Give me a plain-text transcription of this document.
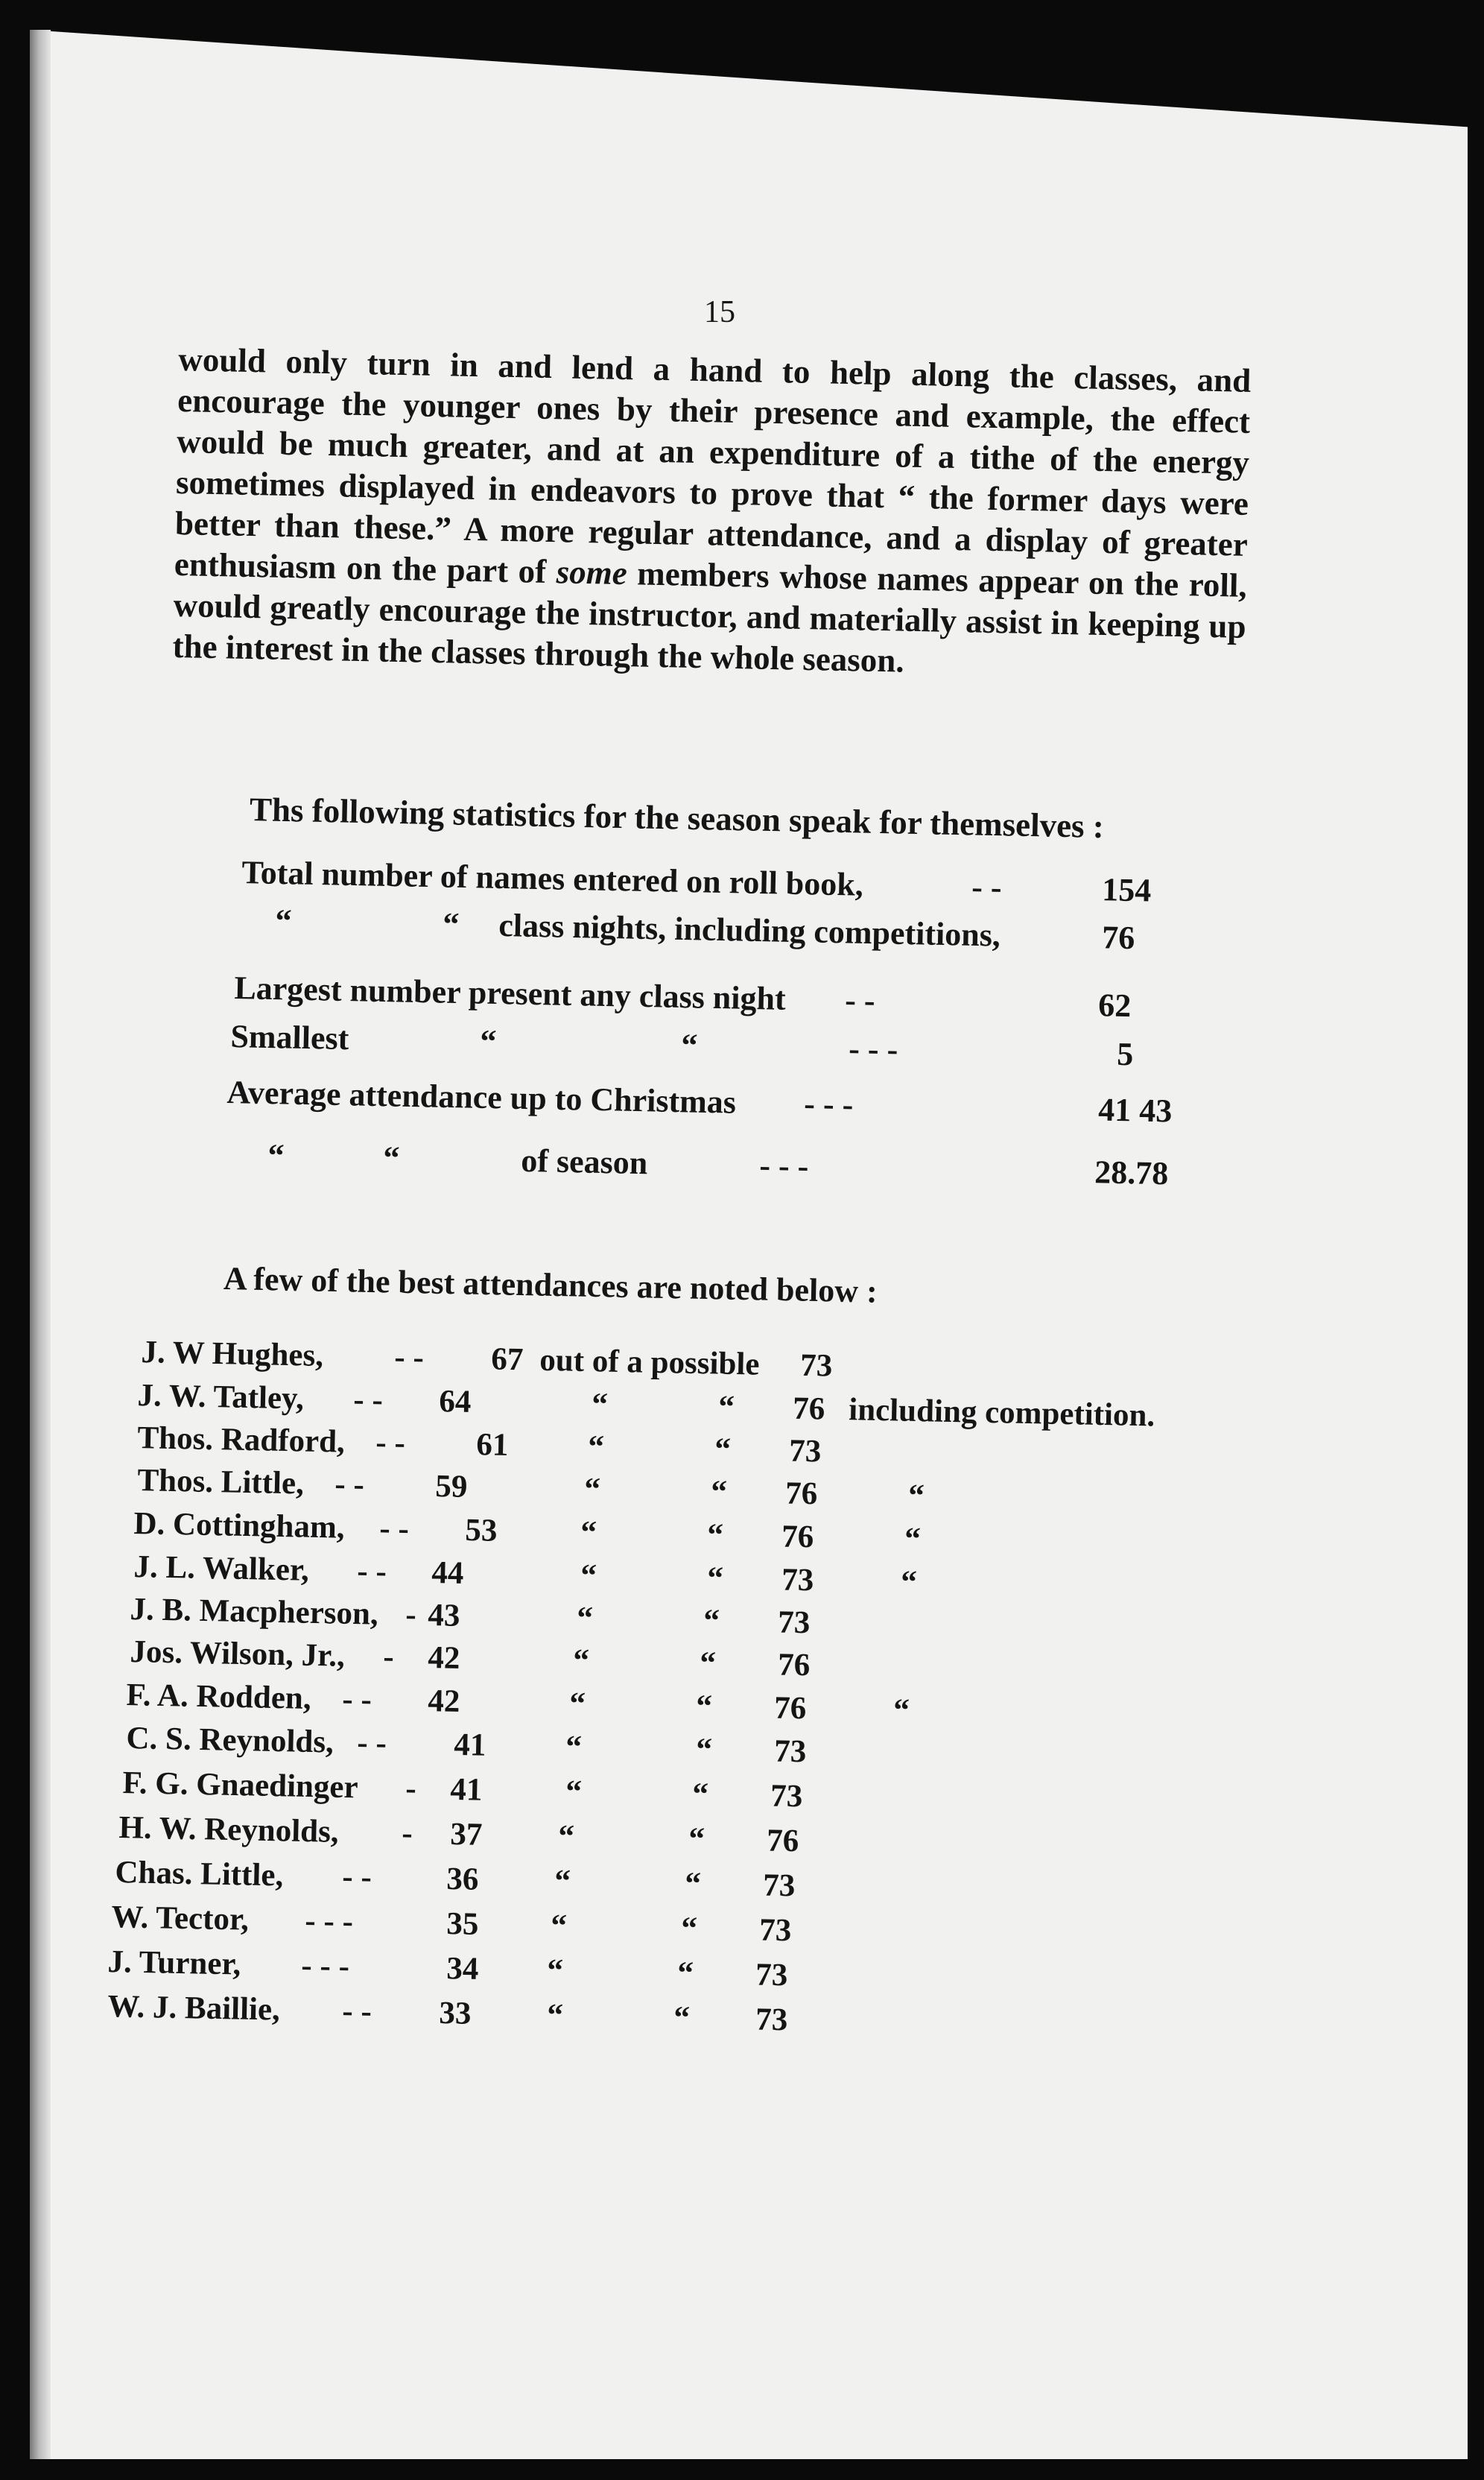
15
would only turn in and lend a hand to help along the classes, and encourage the younger ones by their presence and example, the effect would be much greater, and at an expenditure of a tithe of the energy sometimes displayed in endeavors to prove that “ the former days were better than these.” A more regular attendance, and a display of greater enthusiasm on the part of some members whose names appear on the roll, would greatly encourage the instructor, and materially assist in keeping up the interest in the classes through the whole season.
Ths following statistics for the season speak for themselves :
Total number of names entered on roll book,	- -	154
“	“ class nights, including competitions,	76
Largest number present any class night - -	62
Smallest	“	“	- - -	5
Average attendance up to Christmas - - -	41 43
“	“	of season	- - -	28.78
A few of the best attendances are noted below :
J. W Hughes, - - 67 out of a possible 73
J. W. Tatley, - - 64	“	“ 76 including competition.
Thos. Radford, - - 61 “	“ 73
Thos. Little, - - 59	“	“ 76	“
D. Cottingham, - - 53	“	“ 76	“
J. L. Walker, - - 44	“	“ 73	“
J. B. Macpherson, - 43	“	“ 73
Jos. Wilson, Jr., - 42	“	“ 76
F. A. Rodden, - - 42	“	“ 76	“
C. S. Reynolds, - - 41 “	“ 73
F. G. Gnaedinger - 41	“	“ 73
H. W. Reynolds, - 37 “	“ 76
Chas. Little, - - 36 “	“ 73
W. Tector, - - -	35 “	“ 73
J. Turner, - - -	34 “	“ 73
W. J. Baillie, - - 33 “	“ 73
